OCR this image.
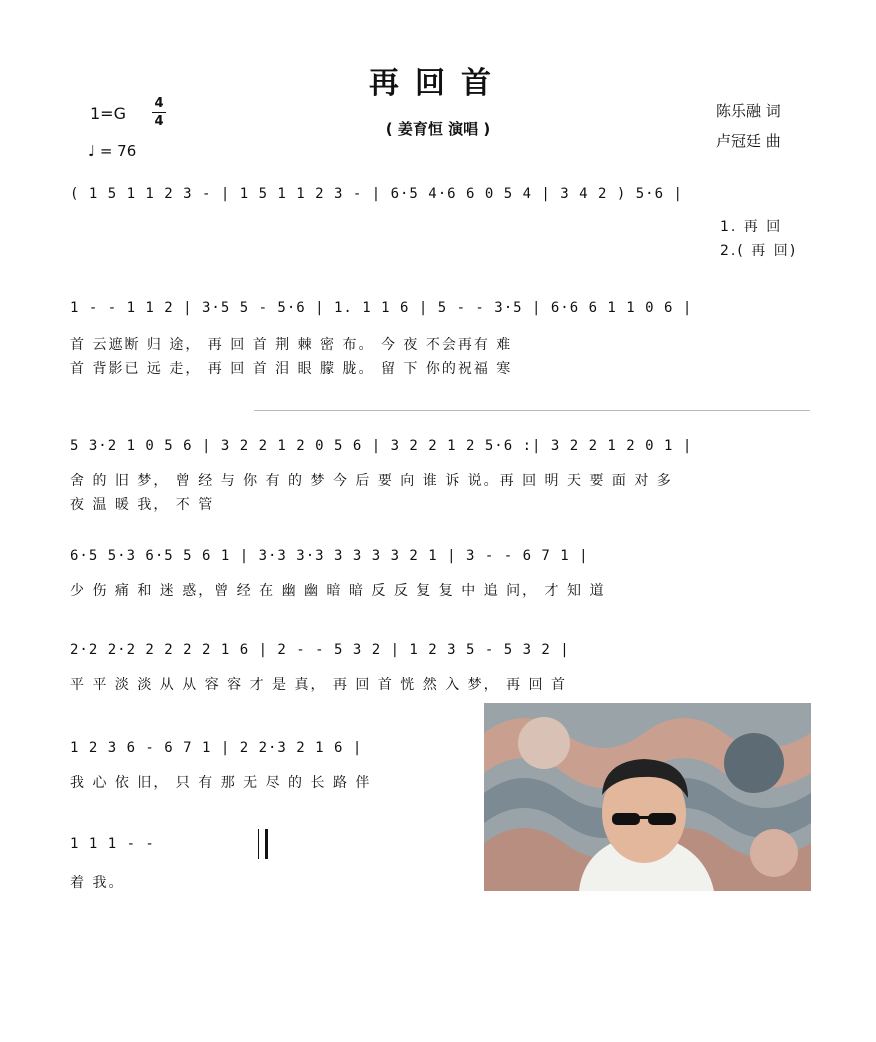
再回首
( 姜育恒 演唱 )
1=G
4
4
♩ = 76
陈乐融 词
卢冠廷 曲
( 1 5 1 1 2 3 - | 1 5 1 1 2 3 - | 6·5 4·6 6 0 5 4 | 3 4 2 ) 5·6 |
1. 再 回
2.( 再 回)
1 - - 1 1 2 | 3·5 5 - 5·6 | 1. 1 1 6 | 5 - - 3·5 | 6·6 6 1 1 0 6 |
首 云遮断 归 途， 再 回 首 荆 棘 密 布。 今 夜 不会再有 难
首 背影已 远 走， 再 回 首 泪 眼 朦 胧。 留 下 你的祝福 寒
5 3·2 1 0 5 6 | 3 2 2 1 2 0 5 6 | 3 2 2 1 2 5·6 :| 3 2 2 1 2 0 1 |
舍 的 旧 梦， 曾 经 与 你 有 的 梦 今 后 要 向 谁 诉 说。再 回 明 天 要 面 对 多
夜 温 暖 我， 不 管
6·5 5·3 6·5 5 6 1 | 3·3 3·3 3 3 3 3 2 1 | 3 - - 6 7 1 |
少 伤 痛 和 迷 惑，曾 经 在 幽 幽 暗 暗 反 反 复 复 中 追 问， 才 知 道
2·2 2·2 2 2 2 2 1 6 | 2 - - 5 3 2 | 1 2 3 5 - 5 3 2 |
平 平 淡 淡 从 从 容 容 才 是 真， 再 回 首 恍 然 入 梦， 再 回 首
1 2 3 6 - 6 7 1 | 2 2·3 2 1 6 |
我 心 依 旧， 只 有 那 无 尽 的 长 路 伴
1 1 1 - -
着 我。
